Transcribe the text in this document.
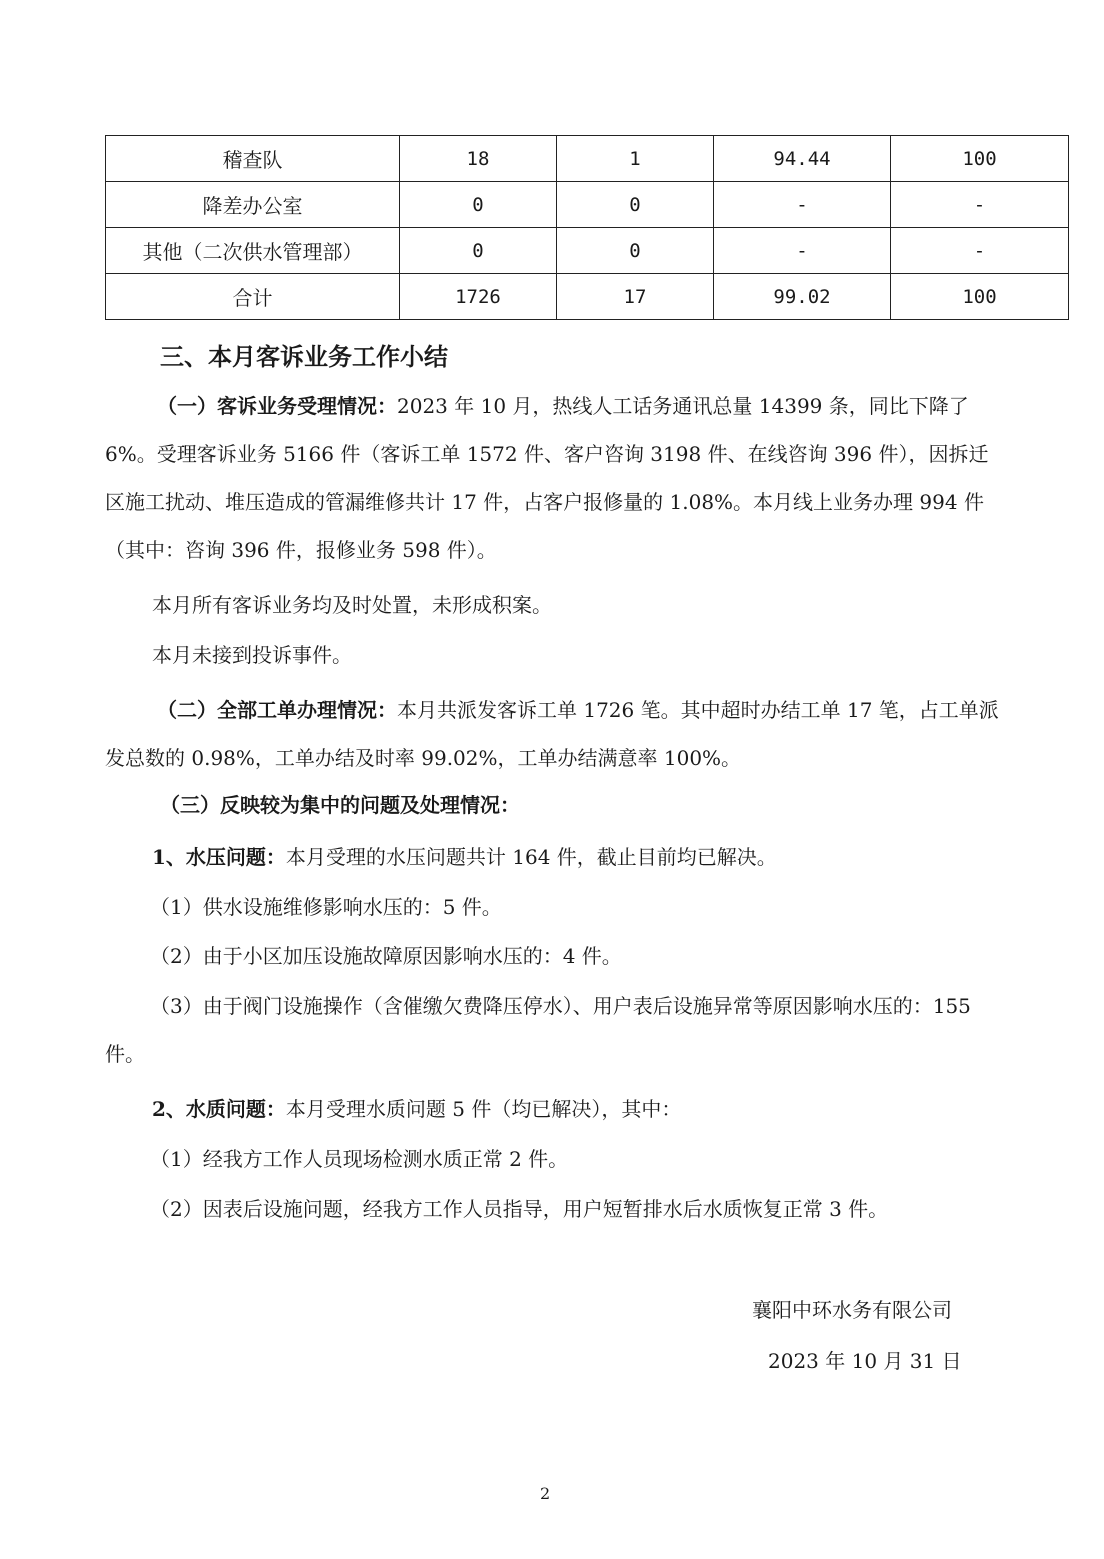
稽查队	18	1	94.44	100
降差办公室	0	0	-	-
其他（二次供水管理部）	0	0	-	-
合计	1726	17	99.02	100
三、本月客诉业务工作小结

（一）客诉业务受理情况：2023 年 10 月，热线人工话务通讯总量 14399 条，同比下降了 6%。受理客诉业务 5166 件（客诉工单 1572 件、客户咨询 3198 件、在线咨询 396 件），因拆迁区施工扰动、堆压造成的管漏维修共计 17 件，占客户报修量的 1.08%。本月线上业务办理 994 件（其中：咨询 396 件，报修业务 598 件）。

本月所有客诉业务均及时处置，未形成积案。
本月未接到投诉事件。

（二）全部工单办理情况：本月共派发客诉工单 1726 笔。其中超时办结工单 17 笔，占工单派发总数的 0.98%，工单办结及时率 99.02%，工单办结满意率 100%。

（三）反映较为集中的问题及处理情况：
1、水压问题：本月受理的水压问题共计 164 件，截止目前均已解决。
（1）供水设施维修影响水压的：5 件。
（2）由于小区加压设施故障原因影响水压的：4 件。

（3）由于阀门设施操作（含催缴欠费降压停水）、用户表后设施异常等原因影响水压的：155 件。

2、水质问题：本月受理水质问题 5 件（均已解决），其中：
（1）经我方工作人员现场检测水质正常 2 件。
（2）因表后设施问题，经我方工作人员指导，用户短暂排水后水质恢复正常 3 件。
襄阳中环水务有限公司
2023 年 10 月 31 日
2
